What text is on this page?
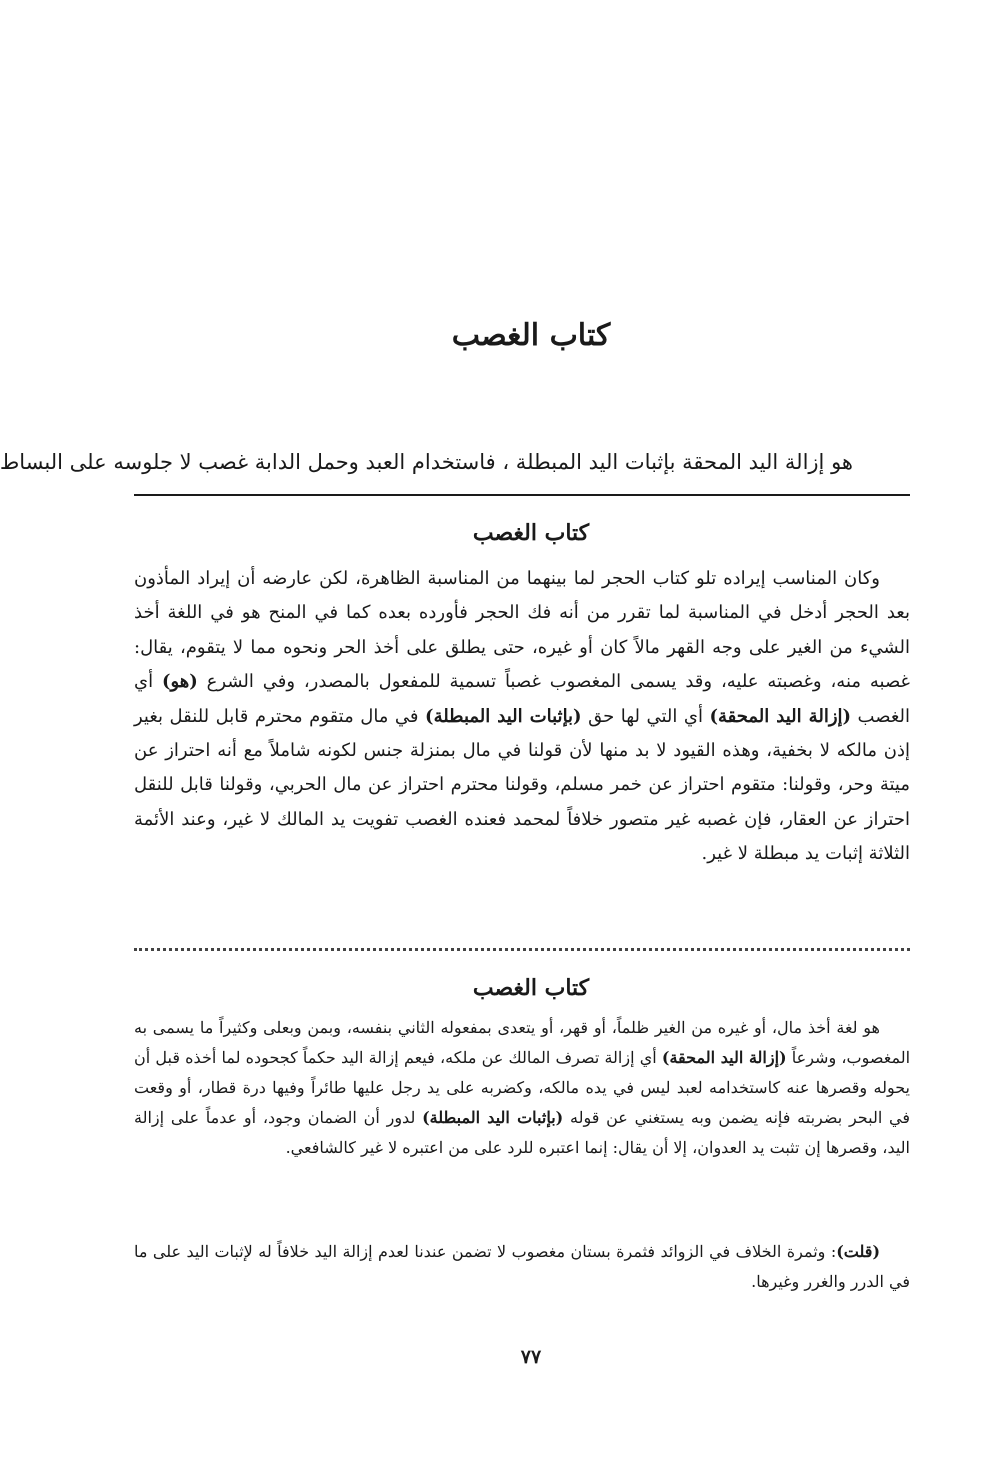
كتاب الغصب

هو إزالة اليد المحقة بإثبات اليد المبطلة ، فاستخدام العبد وحمل الدابة غصب لا جلوسه على البساط

كتاب الغصب

وكان المناسب إيراده تلو كتاب الحجر لما بينهما من المناسبة الظاهرة، لكن عارضه أن إيراد المأذون بعد الحجر أدخل في المناسبة لما تقرر من أنه فك الحجر فأورده بعده كما في المنح هو في اللغة أخذ الشيء من الغير على وجه القهر مالاً كان أو غيره، حتى يطلق على أخذ الحر ونحوه مما لا يتقوم، يقال: غصبه منه، وغصبته عليه، وقد يسمى المغصوب غصباً تسمية للمفعول بالمصدر، وفي الشرع (هو) أي الغصب (إزالة اليد المحقة) أي التي لها حق (بإثبات اليد المبطلة) في مال متقوم محترم قابل للنقل بغير إذن مالكه لا بخفية، وهذه القيود لا بد منها لأن قولنا في مال بمنزلة جنس لكونه شاملاً مع أنه احتراز عن ميتة وحر، وقولنا: متقوم احتراز عن خمر مسلم، وقولنا محترم احتراز عن مال الحربي، وقولنا قابل للنقل احتراز عن العقار، فإن غصبه غير متصور خلافاً لمحمد فعنده الغصب تفويت يد المالك لا غير، وعند الأئمة الثلاثة إثبات يد مبطلة لا غير.

كتاب الغصب

هو لغة أخذ مال، أو غيره من الغير ظلماً، أو قهر، أو يتعدى بمفعوله الثاني بنفسه، وبمن وبعلى وكثيراً ما يسمى به المغصوب، وشرعاً (إزالة اليد المحقة) أي إزالة تصرف المالك عن ملكه، فيعم إزالة اليد حكماً كجحوده لما أخذه قبل أن يحوله وقصرها عنه كاستخدامه لعبد ليس في يده مالكه، وكضربه على يد رجل عليها طائراً وفيها درة قطار، أو وقعت في البحر بضربته فإنه يضمن وبه يستغني عن قوله (بإثبات اليد المبطلة) لدور أن الضمان وجود، أو عدماً على إزالة اليد، وقصرها إن تثبت يد العدوان، إلا أن يقال: إنما اعتبره للرد على من اعتبره لا غير كالشافعي.

(قلت): وثمرة الخلاف في الزوائد فثمرة بستان مغصوب لا تضمن عندنا لعدم إزالة اليد خلافاً له لإثبات اليد على ما في الدرر والغرر وغيرها.

٧٧
